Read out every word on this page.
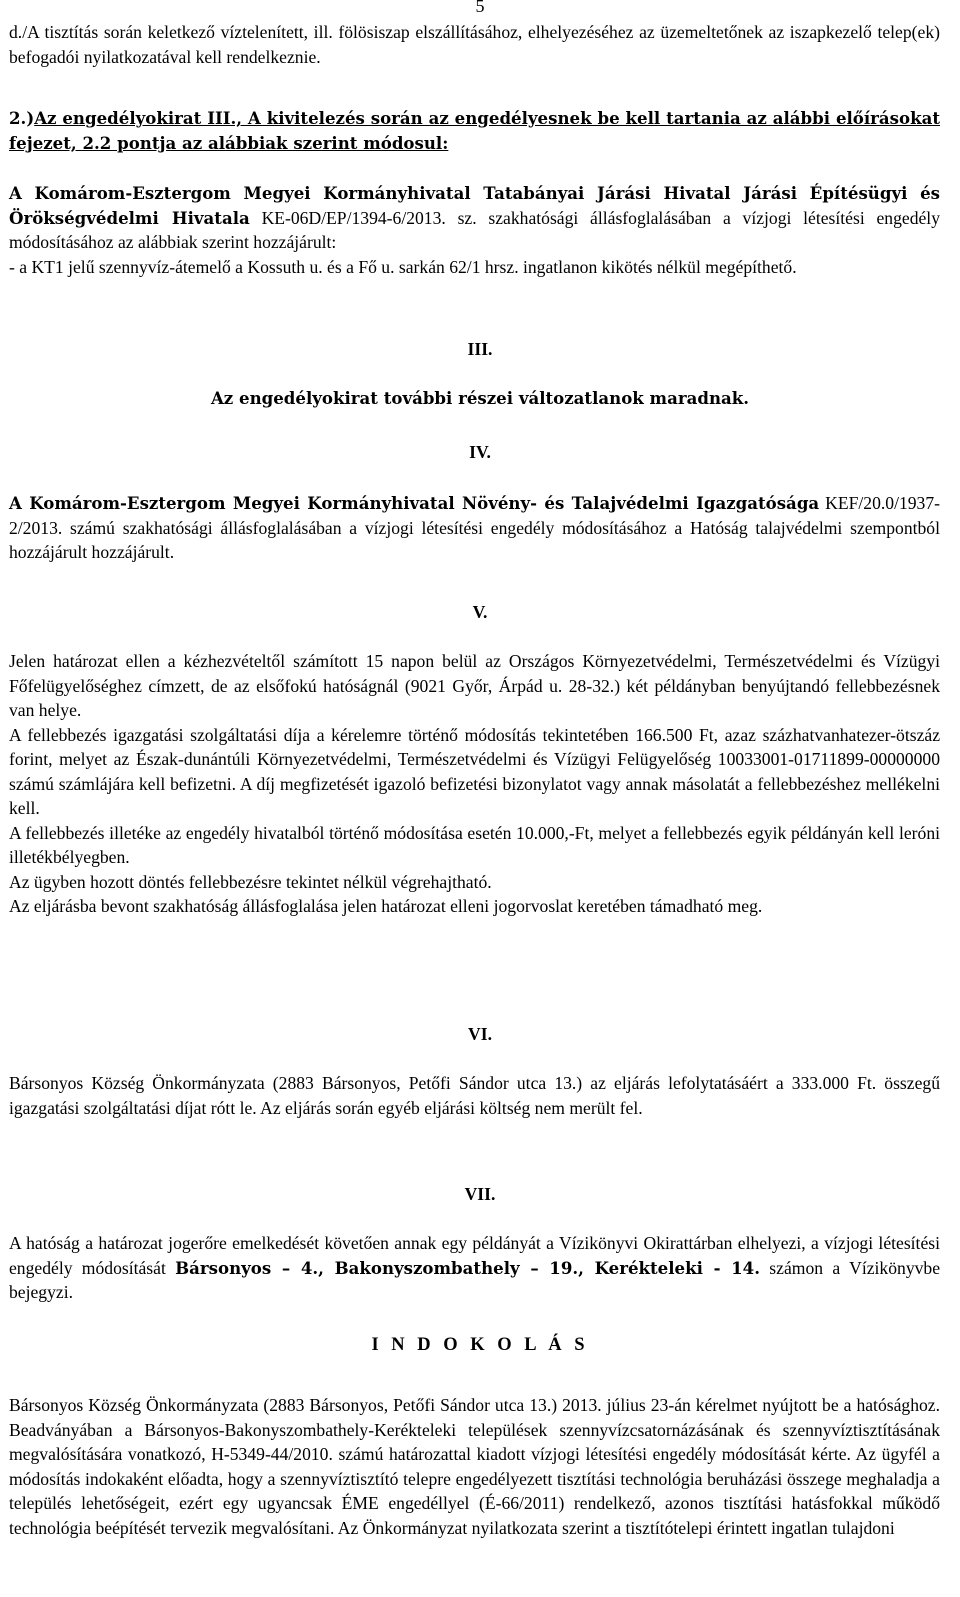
5

d./A tisztítás során keletkező víztelenített, ill. fölösiszap elszállításához, elhelyezéséhez az üzemeltetőnek az iszapkezelő telep(ek) befogadói nyilatkozatával kell rendelkeznie.

2.)Az engedélyokirat III., A kivitelezés során az engedélyesnek be kell tartania az alábbi előírásokat fejezet, 2.2 pontja az alábbiak szerint módosul:

A Komárom-Esztergom Megyei Kormányhivatal Tatabányai Járási Hivatal Járási Építésügyi és Örökségvédelmi Hivatala KE-06D/EP/1394-6/2013. sz. szakhatósági állásfoglalásában a vízjogi létesítési engedély módosításához az alábbiak szerint hozzájárult:

- a KT1 jelű szennyvíz-átemelő a Kossuth u. és a Fő u. sarkán 62/1 hrsz. ingatlanon kikötés nélkül megépíthető.

III.
Az engedélyokirat további részei változatlanok maradnak.
IV.

A Komárom-Esztergom Megyei Kormányhivatal Növény- és Talajvédelmi Igazgatósága KEF/20.0/1937-2/2013. számú szakhatósági állásfoglalásában a vízjogi létesítési engedély módosításához a Hatóság talajvédelmi szempontból hozzájárult hozzájárult.

V.

Jelen határozat ellen a kézhezvételtől számított 15 napon belül az Országos Környezetvédelmi, Természetvédelmi és Vízügyi Főfelügyelőséghez címzett, de az elsőfokú hatóságnál (9021 Győr, Árpád u. 28-32.) két példányban benyújtandó fellebbezésnek van helye.

A fellebbezés igazgatási szolgáltatási díja a kérelemre történő módosítás tekintetében 166.500 Ft, azaz százhatvanhatezer-ötszáz forint, melyet az Észak-dunántúli Környezetvédelmi, Természetvédelmi és Vízügyi Felügyelőség 10033001-01711899-00000000 számú számlájára kell befizetni. A díj megfizetését igazoló befizetési bizonylatot vagy annak másolatát a fellebbezéshez mellékelni kell.

A fellebbezés illetéke az engedély hivatalból történő módosítása esetén 10.000,-Ft, melyet a fellebbezés egyik példányán kell leróni illetékbélyegben.

Az ügyben hozott döntés fellebbezésre tekintet nélkül végrehajtható.

Az eljárásba bevont szakhatóság állásfoglalása jelen határozat elleni jogorvoslat keretében támadható meg.

VI.

Bársonyos Község Önkormányzata (2883 Bársonyos, Petőfi Sándor utca 13.) az eljárás lefolytatásáért a 333.000 Ft. összegű igazgatási szolgáltatási díjat rótt le. Az eljárás során egyéb eljárási költség nem merült fel.

VII.

A hatóság a határozat jogerőre emelkedését követően annak egy példányát a Vízikönyvi Okirattárban elhelyezi, a vízjogi létesítési engedély módosítását Bársonyos – 4., Bakonyszombathely – 19., Kerékteleki - 14. számon a Vízikönyvbe bejegyzi.

I N D O K O L Á S

Bársonyos Község Önkormányzata (2883 Bársonyos, Petőfi Sándor utca 13.) 2013. július 23-án kérelmet nyújtott be a hatósághoz. Beadványában a Bársonyos-Bakonyszombathely-Kerékteleki települések szennyvízcsatornázásának és szennyvíztisztításának megvalósítására vonatkozó, H-5349-44/2010. számú határozattal kiadott vízjogi létesítési engedély módosítását kérte. Az ügyfél a módosítás indokaként előadta, hogy a szennyvíztisztító telepre engedélyezett tisztítási technológia beruházási összege meghaladja a település lehetőségeit, ezért egy ugyancsak ÉME engedéllyel (É-66/2011) rendelkező, azonos tisztítási hatásfokkal működő technológia beépítését tervezik megvalósítani. Az Önkormányzat nyilatkozata szerint a tisztítótelepi érintett ingatlan tulajdoni
